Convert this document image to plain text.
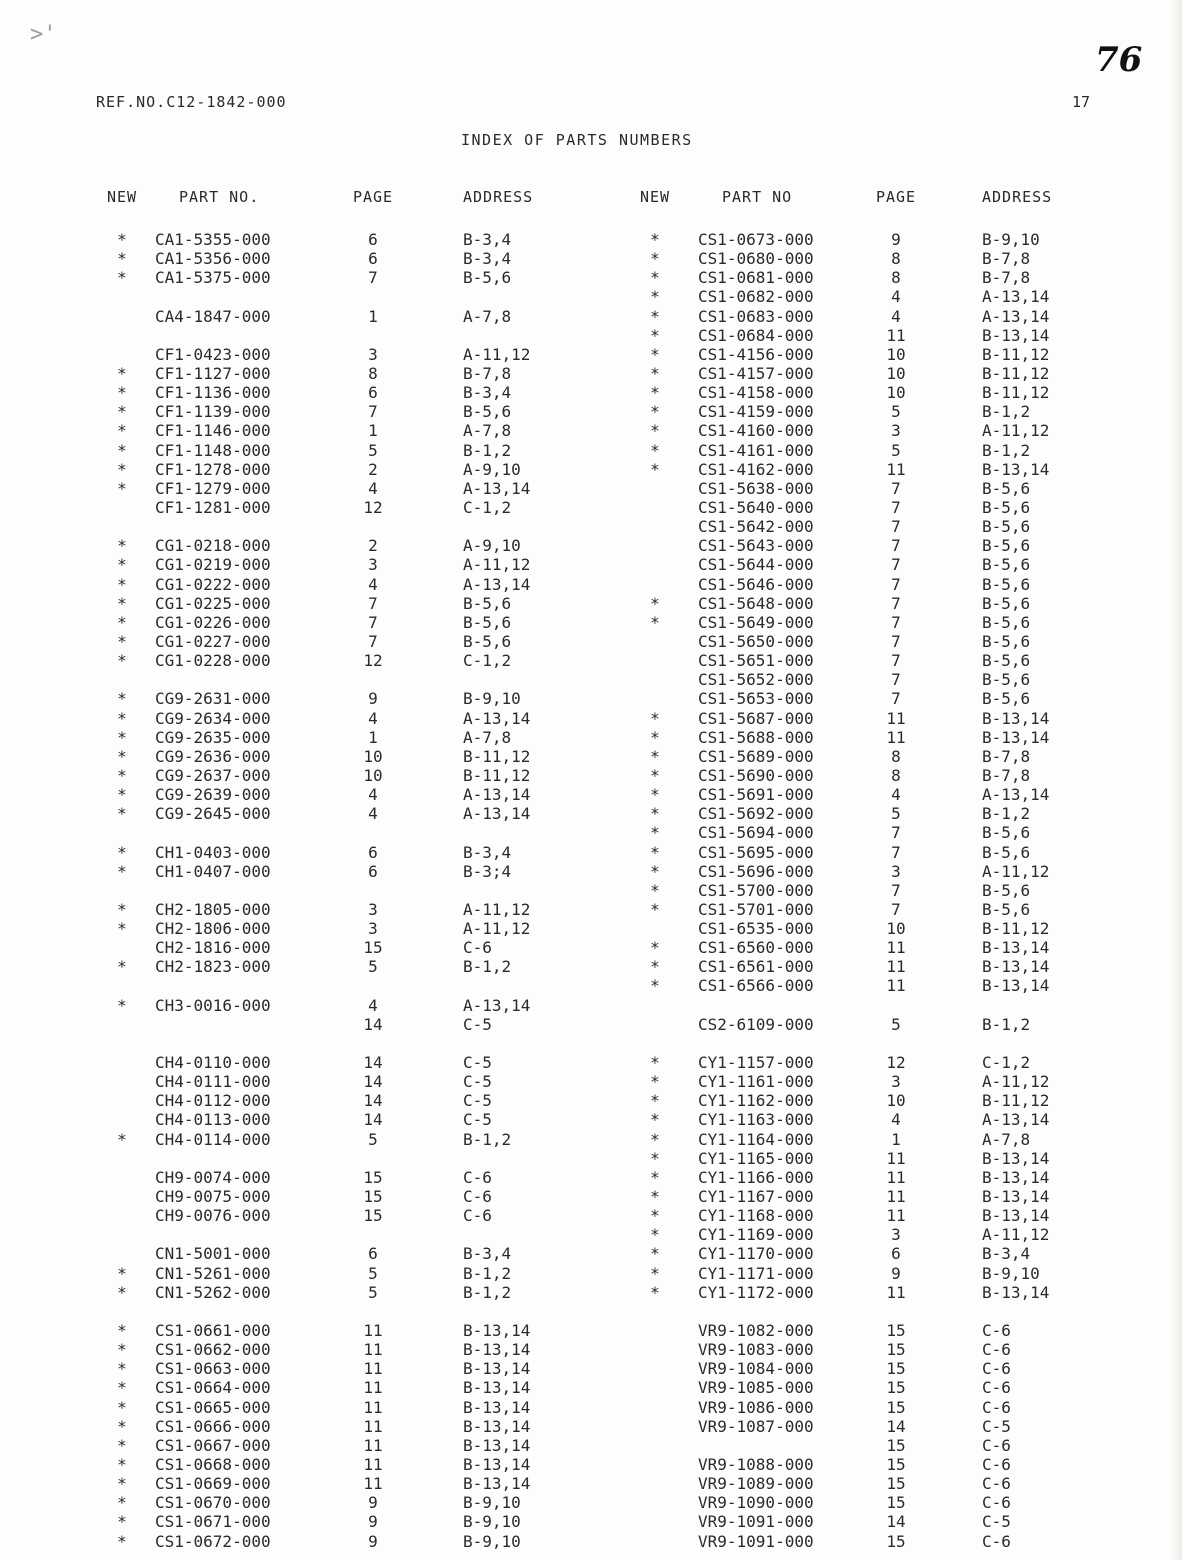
>'
76
REF.NO.C12-1842-000	17
INDEX OF PARTS NUMBERS
NEW	PART NO.	PAGE	ADDRESS
*	CA1-5355-000	6	B-3,4
*	CA1-5356-000	6	B-3,4
*	CA1-5375-000	7	B-5,6
CA4-1847-000	1	A-7,8
CF1-0423-000	3	A-11,12
*	CF1-1127-000	8	B-7,8
*	CF1-1136-000	6	B-3,4
*	CF1-1139-000	7	B-5,6
*	CF1-1146-000	1	A-7,8
*	CF1-1148-000	5	B-1,2
*	CF1-1278-000	2	A-9,10
*	CF1-1279-000	4	A-13,14
CF1-1281-000	12	C-1,2
*	CG1-0218-000	2	A-9,10
*	CG1-0219-000	3	A-11,12
*	CG1-0222-000	4	A-13,14
*	CG1-0225-000	7	B-5,6
*	CG1-0226-000	7	B-5,6
*	CG1-0227-000	7	B-5,6
*	CG1-0228-000	12	C-1,2
*	CG9-2631-000	9	B-9,10
*	CG9-2634-000	4	A-13,14
*	CG9-2635-000	1	A-7,8
*	CG9-2636-000	10	B-11,12
*	CG9-2637-000	10	B-11,12
*	CG9-2639-000	4	A-13,14
*	CG9-2645-000	4	A-13,14
*	CH1-0403-000	6	B-3,4
*	CH1-0407-000	6	B-3;4
*	CH2-1805-000	3	A-11,12
*	CH2-1806-000	3	A-11,12
CH2-1816-000	15	C-6
*	CH2-1823-000	5	B-1,2
*	CH3-0016-000	4	A-13,14
14	C-5
CH4-0110-000	14	C-5
CH4-0111-000	14	C-5
CH4-0112-000	14	C-5
CH4-0113-000	14	C-5
*	CH4-0114-000	5	B-1,2
CH9-0074-000	15	C-6
CH9-0075-000	15	C-6
CH9-0076-000	15	C-6
CN1-5001-000	6	B-3,4
*	CN1-5261-000	5	B-1,2
*	CN1-5262-000	5	B-1,2
*	CS1-0661-000	11	B-13,14
*	CS1-0662-000	11	B-13,14
*	CS1-0663-000	11	B-13,14
*	CS1-0664-000	11	B-13,14
*	CS1-0665-000	11	B-13,14
*	CS1-0666-000	11	B-13,14
*	CS1-0667-000	11	B-13,14
*	CS1-0668-000	11	B-13,14
*	CS1-0669-000	11	B-13,14
*	CS1-0670-000	9	B-9,10
*	CS1-0671-000	9	B-9,10
*	CS1-0672-000	9	B-9,10
NEW	PART NO	PAGE	ADDRESS
*	CS1-0673-000	9	B-9,10
*	CS1-0680-000	8	B-7,8
*	CS1-0681-000	8	B-7,8
*	CS1-0682-000	4	A-13,14
*	CS1-0683-000	4	A-13,14
*	CS1-0684-000	11	B-13,14
*	CS1-4156-000	10	B-11,12
*	CS1-4157-000	10	B-11,12
*	CS1-4158-000	10	B-11,12
*	CS1-4159-000	5	B-1,2
*	CS1-4160-000	3	A-11,12
*	CS1-4161-000	5	B-1,2
*	CS1-4162-000	11	B-13,14
CS1-5638-000	7	B-5,6
CS1-5640-000	7	B-5,6
CS1-5642-000	7	B-5,6
CS1-5643-000	7	B-5,6
CS1-5644-000	7	B-5,6
CS1-5646-000	7	B-5,6
*	CS1-5648-000	7	B-5,6
*	CS1-5649-000	7	B-5,6
CS1-5650-000	7	B-5,6
CS1-5651-000	7	B-5,6
CS1-5652-000	7	B-5,6
CS1-5653-000	7	B-5,6
*	CS1-5687-000	11	B-13,14
*	CS1-5688-000	11	B-13,14
*	CS1-5689-000	8	B-7,8
*	CS1-5690-000	8	B-7,8
*	CS1-5691-000	4	A-13,14
*	CS1-5692-000	5	B-1,2
*	CS1-5694-000	7	B-5,6
*	CS1-5695-000	7	B-5,6
*	CS1-5696-000	3	A-11,12
*	CS1-5700-000	7	B-5,6
*	CS1-5701-000	7	B-5,6
CS1-6535-000	10	B-11,12
*	CS1-6560-000	11	B-13,14
*	CS1-6561-000	11	B-13,14
*	CS1-6566-000	11	B-13,14
CS2-6109-000	5	B-1,2
*	CY1-1157-000	12	C-1,2
*	CY1-1161-000	3	A-11,12
*	CY1-1162-000	10	B-11,12
*	CY1-1163-000	4	A-13,14
*	CY1-1164-000	1	A-7,8
*	CY1-1165-000	11	B-13,14
*	CY1-1166-000	11	B-13,14
*	CY1-1167-000	11	B-13,14
*	CY1-1168-000	11	B-13,14
*	CY1-1169-000	3	A-11,12
*	CY1-1170-000	6	B-3,4
*	CY1-1171-000	9	B-9,10
*	CY1-1172-000	11	B-13,14
VR9-1082-000	15	C-6
VR9-1083-000	15	C-6
VR9-1084-000	15	C-6
VR9-1085-000	15	C-6
VR9-1086-000	15	C-6
VR9-1087-000	14	C-5
15	C-6
VR9-1088-000	15	C-6
VR9-1089-000	15	C-6
VR9-1090-000	15	C-6
VR9-1091-000	14	C-5
VR9-1091-000	15	C-6
